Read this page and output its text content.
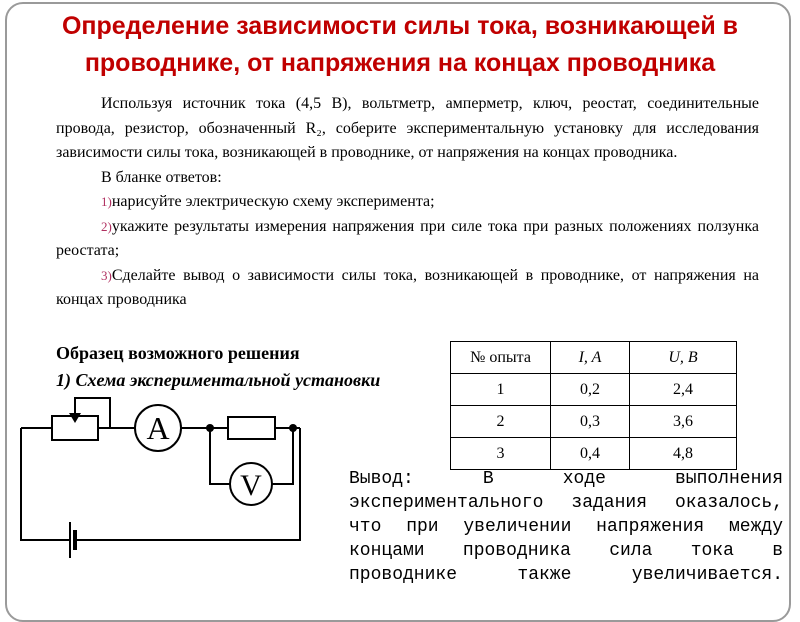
Определение зависимости силы тока, возникающей в проводнике, от напряжения на концах проводника

Используя источник тока (4,5 В), вольтметр, амперметр, ключ, реостат, соединительные провода, резистор, обозначенный R₂, соберите экспериментальную установку для исследования зависимости силы тока, возникающей в проводнике, от напряжения на концах проводника.

В бланке ответов:

1)нарисуйте электрическую схему эксперимента;

2)укажите результаты измерения напряжения при силе тока при разных положениях ползунка реостата;

3)Сделайте вывод о зависимости силы тока, возникающей в проводнике, от напряжения на концах проводника

Образец возможного решения
1) Схема экспериментальной установки
A
V
№ опыта	I, A	U, В
1	0,2	2,4
2	0,3	3,6
3	0,4	4,8

Вывод: В ходе выполнения экспериментального задания оказалось, что при увеличении напряжения между концами проводника сила тока в проводнике также увеличивается.
